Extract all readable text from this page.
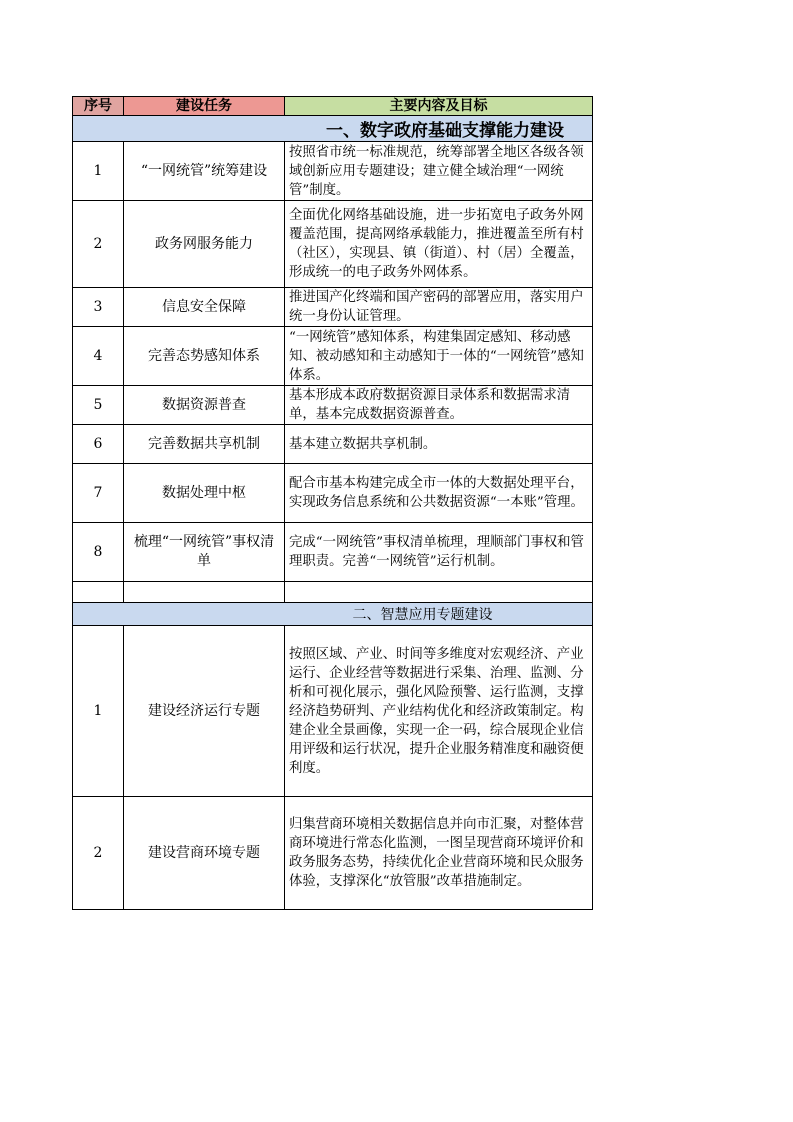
序号	建设任务	主要内容及目标
一、数字政府基础支撑能力建设		
1	“一网统管”统筹建设	按照省市统一标准规范，统筹部署全地区各级各领域创新应用专题建设；建立健全域治理“一网统管”制度。
2	政务网服务能力	全面优化网络基础设施，进一步拓宽电子政务外网覆盖范围，提高网络承载能力，推进覆盖至所有村（社区），实现县、镇（街道）、村（居）全覆盖，形成统一的电子政务外网体系。
3	信息安全保障	推进国产化终端和国产密码的部署应用，落实用户统一身份认证管理。
4	完善态势感知体系	“一网统管”感知体系，构建集固定感知、移动感知、被动感知和主动感知于一体的“一网统管”感知体系。
5	数据资源普查	基本形成本政府数据资源目录体系和数据需求清单，基本完成数据资源普查。
6	完善数据共享机制	基本建立数据共享机制。
7	数据处理中枢	配合市基本构建完成全市一体的大数据处理平台，实现政务信息系统和公共数据资源“一本账”管理。
8	梳理“一网统管”事权清单	完成“一网统管”事权清单梳理，理顺部门事权和管理职责。完善“一网统管”运行机制。

二、智慧应用专题建设		
1	建设经济运行专题	按照区域、产业、时间等多维度对宏观经济、产业运行、企业经营等数据进行采集、治理、监测、分析和可视化展示，强化风险预警、运行监测，支撑经济趋势研判、产业结构优化和经济政策制定。构建企业全景画像，实现一企一码，综合展现企业信用评级和运行状况，提升企业服务精准度和融资便利度。
2	建设营商环境专题	归集营商环境相关数据信息并向市汇聚，对整体营商环境进行常态化监测，一图呈现营商环境评价和政务服务态势，持续优化企业营商环境和民众服务体验，支撑深化“放管服”改革措施制定。
